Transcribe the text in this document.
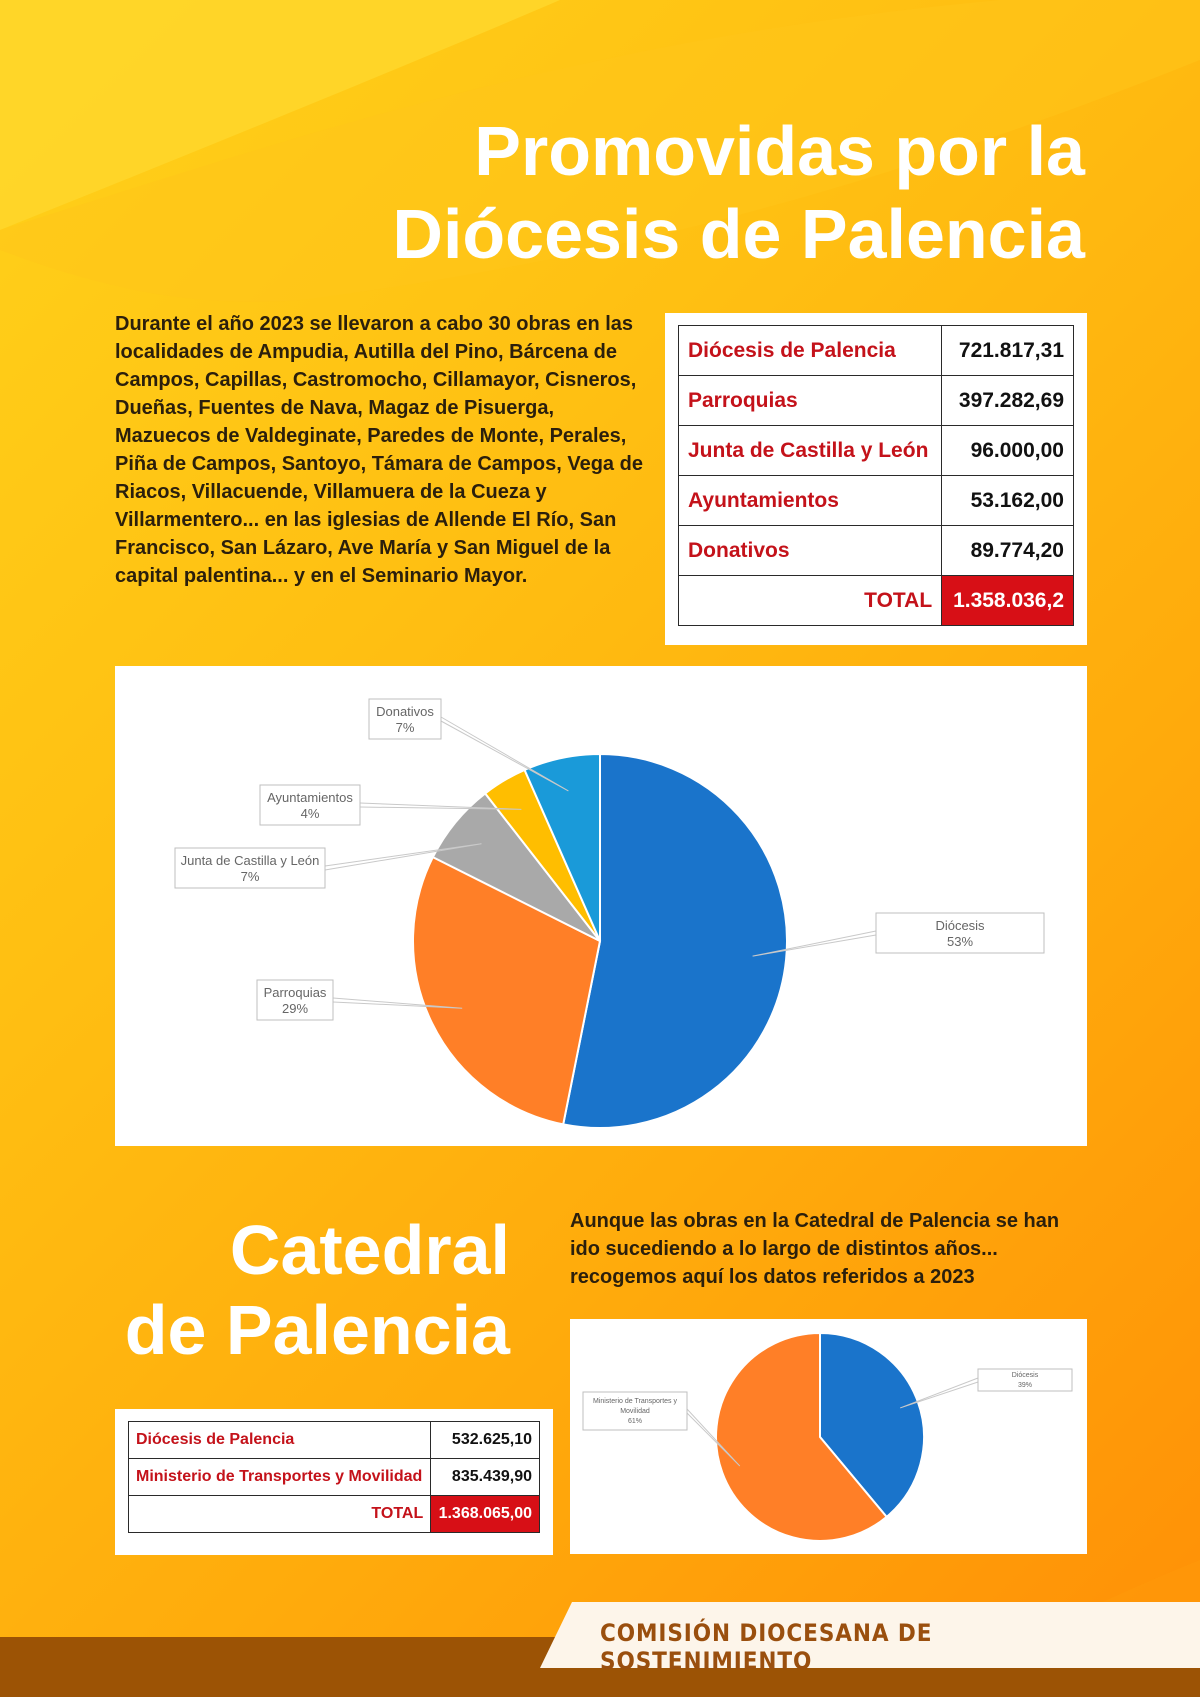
Promovidas por la
Diócesis de Palencia

Durante el año 2023 se llevaron a cabo 30 obras en las localidades de Ampudia, Autilla del Pino, Bárcena de Campos, Capillas, Castromocho, Cillamayor, Cisneros, Dueñas, Fuentes de Nava, Magaz de Pisuerga, Mazuecos de Valdeginate, Paredes de Monte, Perales, Piña de Campos, Santoyo, Támara de Campos, Vega de Riacos, Villacuende, Villamuera de la Cueza y Villarmentero... en las iglesias de Allende El Río, San Francisco, San Lázaro, Ave María y San Miguel de la capital palentina... y en el Seminario Mayor.

Diócesis de Palencia	721.817,31
Parroquias	397.282,69
Junta de Castilla y León	96.000,00
Ayuntamientos	53.162,00
Donativos	89.774,20
TOTAL	1.358.036,2
Diócesis
53%
Parroquias
29%
Junta de Castilla y León
7%
Ayuntamientos
4%
Donativos
7%
Catedral
de Palencia

Aunque las obras en la Catedral de Palencia se han ido sucediendo a lo largo de distintos años... recogemos aquí los datos referidos a 2023

Diócesis de Palencia	532.625,10
Ministerio de Transportes y Movilidad	835.439,90
TOTAL	1.368.065,00
Diócesis
39%
Ministerio de Transportes y
Movilidad
61%

COMISIÓN DIOCESANA DE SOSTENIMIENTO
